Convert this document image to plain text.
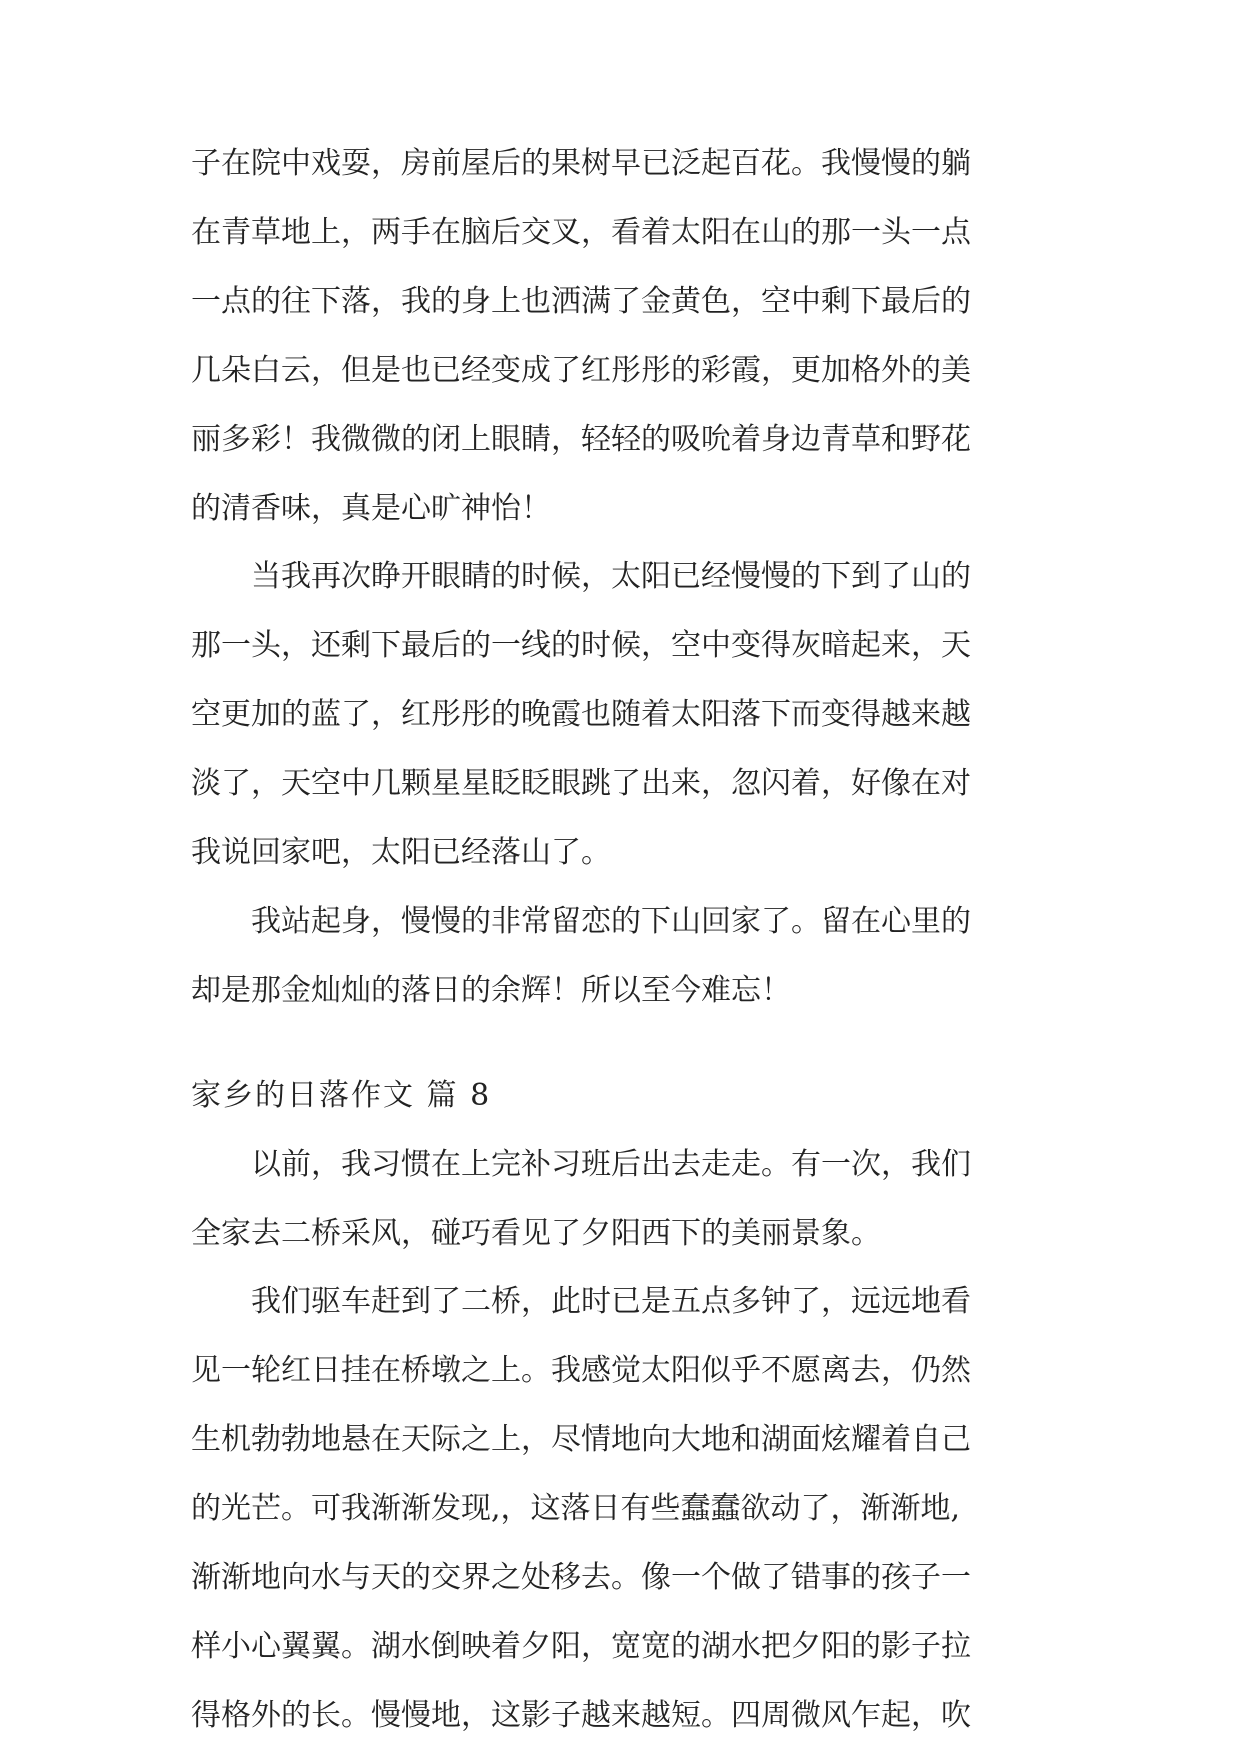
子在院中戏耍，房前屋后的果树早已泛起百花。我慢慢的躺
在青草地上，两手在脑后交叉，看着太阳在山的那一头一点
一点的往下落，我的身上也洒满了金黄色，空中剩下最后的
几朵白云，但是也已经变成了红彤彤的彩霞，更加格外的美
丽多彩！我微微的闭上眼睛，轻轻的吸吮着身边青草和野花
的清香味，真是心旷神怡！
　　当我再次睁开眼睛的时候，太阳已经慢慢的下到了山的
那一头，还剩下最后的一线的时候，空中变得灰暗起来，天
空更加的蓝了，红彤彤的晚霞也随着太阳落下而变得越来越
淡了，天空中几颗星星眨眨眼跳了出来，忽闪着，好像在对
我说回家吧，太阳已经落山了。
　　我站起身，慢慢的非常留恋的下山回家了。留在心里的
却是那金灿灿的落日的余辉！所以至今难忘！
家乡的日落作文 篇 8
　　以前，我习惯在上完补习班后出去走走。有一次，我们
全家去二桥采风，碰巧看见了夕阳西下的美丽景象。
　　我们驱车赶到了二桥，此时已是五点多钟了，远远地看
见一轮红日挂在桥墩之上。我感觉太阳似乎不愿离去，仍然
生机勃勃地悬在天际之上，尽情地向大地和湖面炫耀着自己
的光芒。可我渐渐发现,，这落日有些蠢蠢欲动了，渐渐地,
渐渐地向水与天的交界之处移去。像一个做了错事的孩子一
样小心翼翼。湖水倒映着夕阳，宽宽的湖水把夕阳的影子拉
得格外的长。慢慢地，这影子越来越短。四周微风乍起，吹
